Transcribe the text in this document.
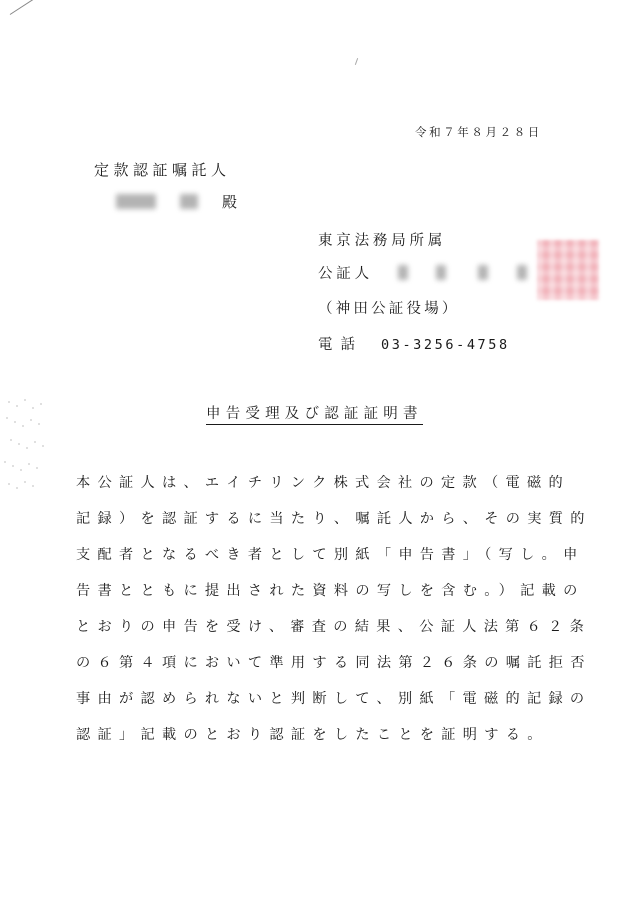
令和７年８月２８日
定款認証嘱託人
殿
東京法務局所属
公証人
（神田公証役場）
電話 03-3256-4758
申告受理及び認証証明書
本公証人は、エイチリンク株式会社の定款（電磁的
記録）を認証するに当たり、嘱託人から、その実質的
支配者となるべき者として別紙「申告書」（写し。申
告書とともに提出された資料の写しを含む。）記載の
とおりの申告を受け、審査の結果、公証人法第６２条
の６第４項において準用する同法第２６条の嘱託拒否
事由が認められないと判断して、別紙「電磁的記録の
認証」記載のとおり認証をしたことを証明する。
